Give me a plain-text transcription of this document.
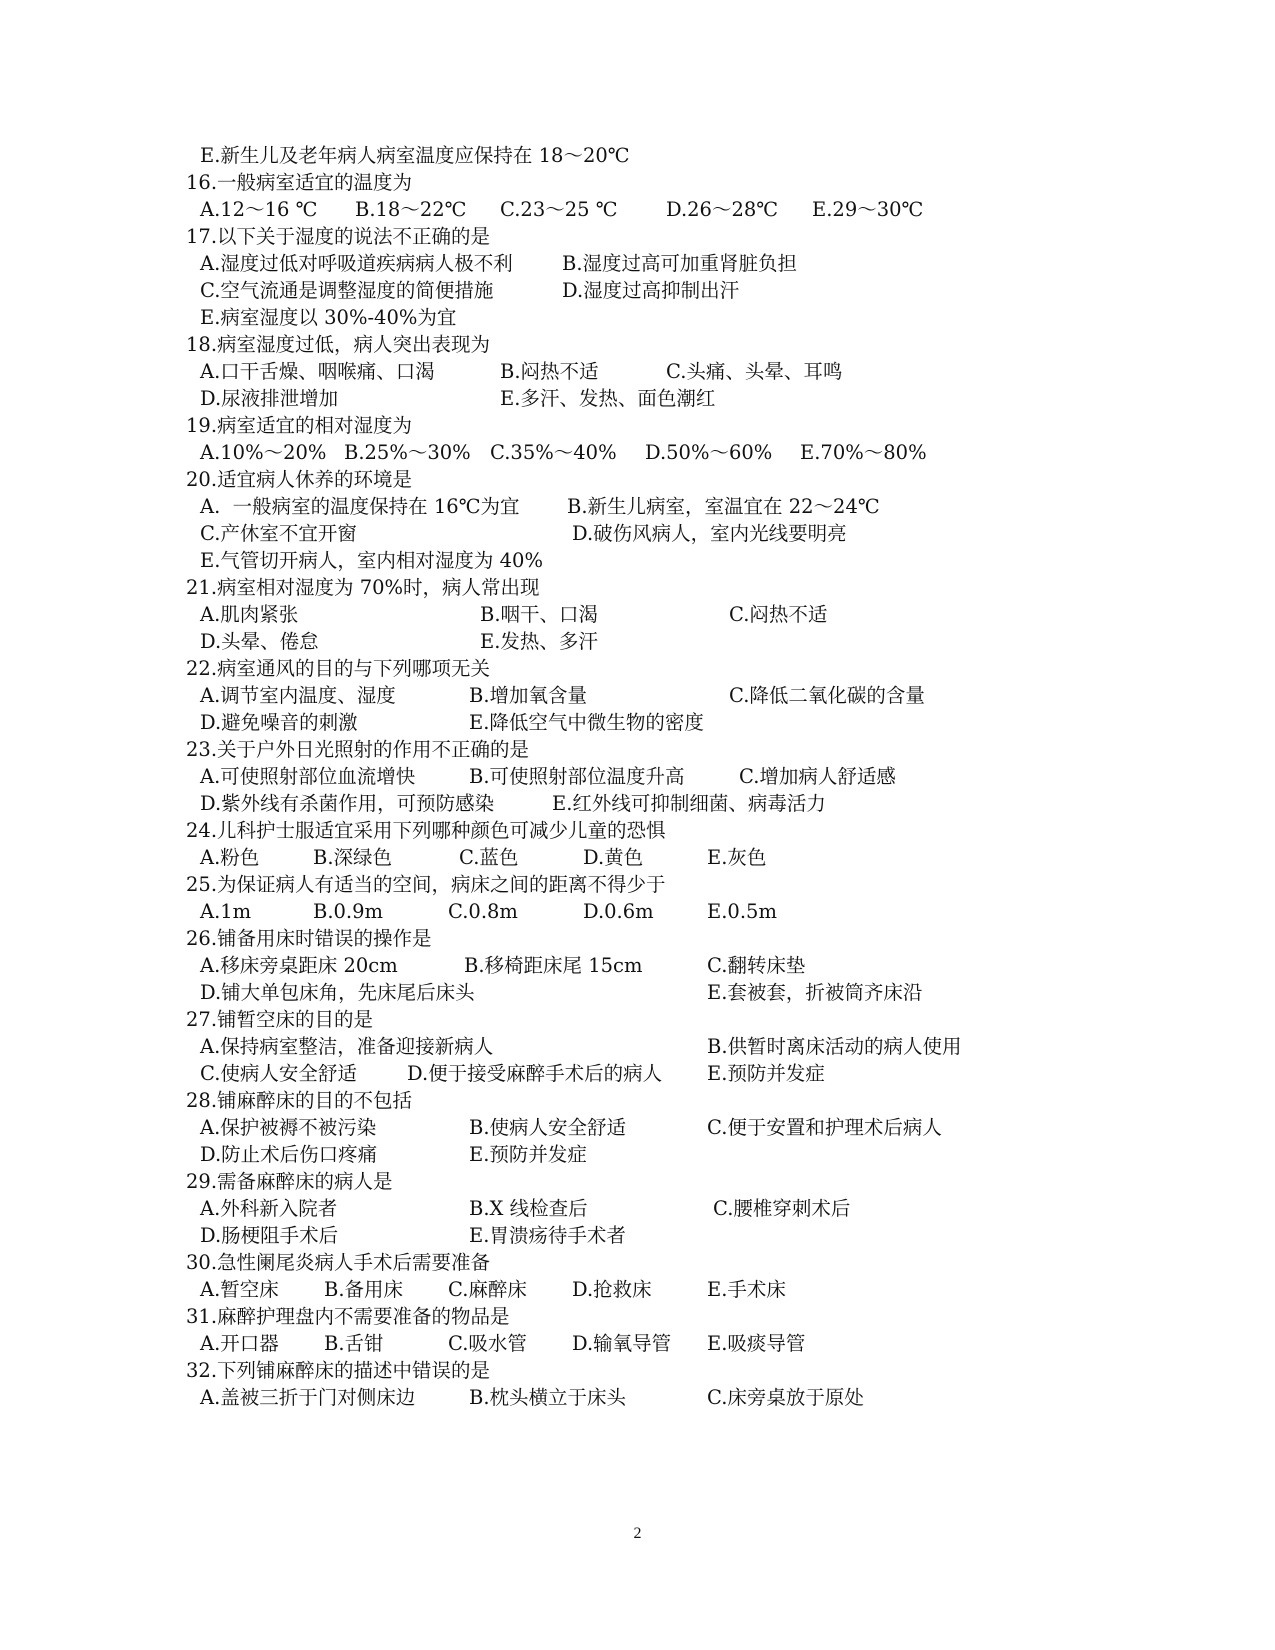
E.新生儿及老年病人病室温度应保持在 18～20℃
16.一般病室适宜的温度为
A.12～16 ℃ B.18～22℃ C.23～25 ℃ D.26～28℃ E.29～30℃
17.以下关于湿度的说法不正确的是
A.湿度过低对呼吸道疾病病人极不利	B.湿度过高可加重肾脏负担
C.空气流通是调整湿度的简便措施	D.湿度过高抑制出汗
E.病室湿度以 30%-40%为宜
18.病室湿度过低，病人突出表现为
A.口干舌燥、咽喉痛、口渴	B.闷热不适	C.头痛、头晕、耳鸣
D.尿液排泄增加	E.多汗、发热、面色潮红
19.病室适宜的相对湿度为
A.10%～20% B.25%～30% C.35%～40% D.50%～60% E.70%～80%
20.适宜病人休养的环境是
A.  一般病室的温度保持在 16℃为宜 B.新生儿病室，室温宜在 22～24℃
C.产休室不宜开窗	D.破伤风病人，室内光线要明亮
E.气管切开病人，室内相对湿度为 40%
21.病室相对湿度为 70%时，病人常出现
A.肌肉紧张	B.咽干、口渴	C.闷热不适
D.头晕、倦怠	E.发热、多汗
22.病室通风的目的与下列哪项无关
A.调节室内温度、湿度	B.增加氧含量	C.降低二氧化碳的含量
D.避免噪音的刺激	E.降低空气中微生物的密度
23.关于户外日光照射的作用不正确的是
A.可使照射部位血流增快	B.可使照射部位温度升高	C.增加病人舒适感
D.紫外线有杀菌作用，可预防感染	E.红外线可抑制细菌、病毒活力
24.儿科护士服适宜采用下列哪种颜色可减少儿童的恐惧
A.粉色	B.深绿色	C.蓝色	D.黄色	E.灰色
25.为保证病人有适当的空间，病床之间的距离不得少于
A.1m	B.0.9m	C.0.8m	D.0.6m	E.0.5m
26.铺备用床时错误的操作是
A.移床旁桌距床 20cm	B.移椅距床尾 15cm	C.翻转床垫
D.铺大单包床角，先床尾后床头	E.套被套，折被筒齐床沿
27.铺暂空床的目的是
A.保持病室整洁，准备迎接新病人	B.供暂时离床活动的病人使用
C.使病人安全舒适	D.便于接受麻醉手术后的病人 E.预防并发症
28.铺麻醉床的目的不包括
A.保护被褥不被污染	B.使病人安全舒适	C.便于安置和护理术后病人
D.防止术后伤口疼痛	E.预防并发症
29.需备麻醉床的病人是
A.外科新入院者	B.X 线检查后	C.腰椎穿刺术后
D.肠梗阻手术后	E.胃溃疡待手术者
30.急性阑尾炎病人手术后需要准备
A.暂空床 B.备用床 C.麻醉床 D.抢救床	E.手术床
31.麻醉护理盘内不需要准备的物品是
A.开口器 B.舌钳	C.吸水管 D.输氧导管 E.吸痰导管
32.下列铺麻醉床的描述中错误的是
A.盖被三折于门对侧床边	B.枕头横立于床头	C.床旁桌放于原处
2
